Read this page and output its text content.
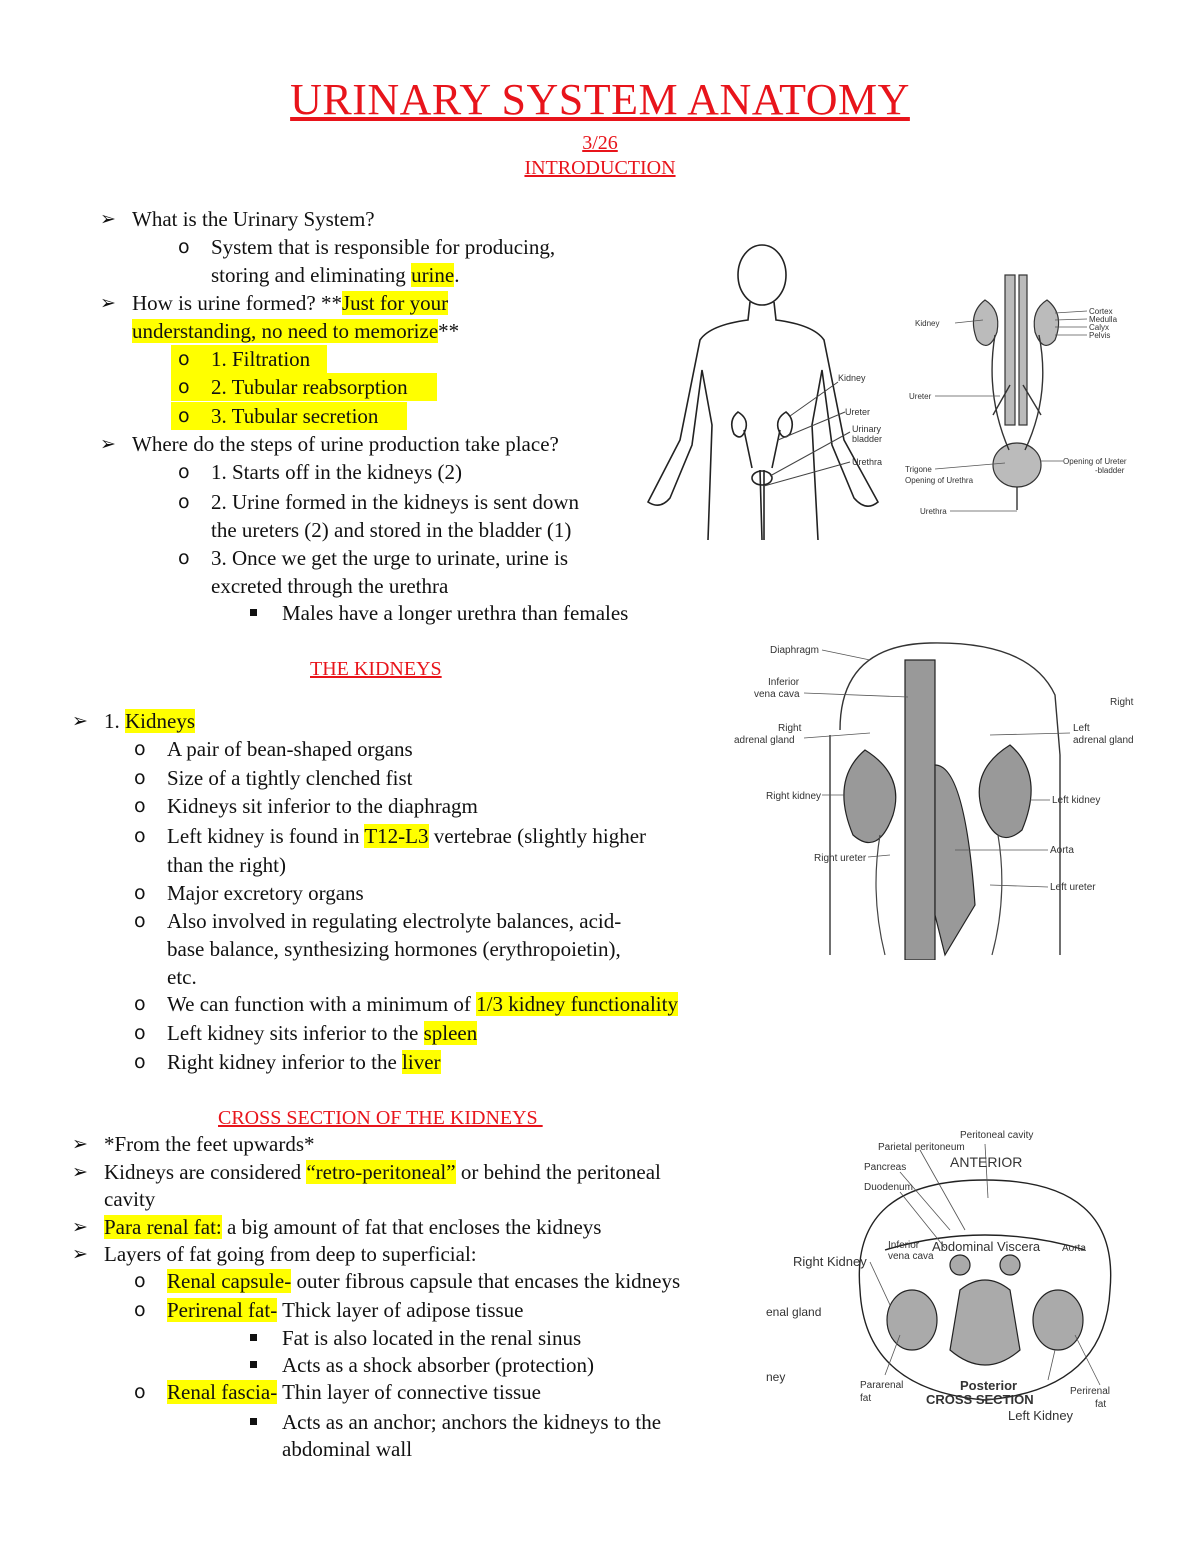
URINARY SYSTEM ANATOMY
3/26
INTRODUCTION
➢ What is the Urinary System?
o System that is responsible for producing,
storing and eliminating urine.
➢ How is urine formed? **Just for your
understanding, no need to memorize**
o 1. Filtration
o 2. Tubular reabsorption
o 3. Tubular secretion
➢ Where do the steps of urine production take place?
o 1. Starts off in the kidneys (2)
o 2. Urine formed in the kidneys is sent down
the ureters (2) and stored in the bladder (1)
o 3. Once we get the urge to urinate, urine is
excreted through the urethra
Males have a longer urethra than females
THE KIDNEYS
➢ 1. Kidneys
o A pair of bean-shaped organs
o Size of a tightly clenched fist
o Kidneys sit inferior to the diaphragm
o Left kidney is found in T12-L3 vertebrae (slightly higher
than the right)
o Major excretory organs
o Also involved in regulating electrolyte balances, acid-
base balance, synthesizing hormones (erythropoietin),
etc.
o We can function with a minimum of 1/3 kidney functionality
o Left kidney sits inferior to the spleen
o Right kidney inferior to the liver
CROSS SECTION OF THE KIDNEYS
➢ *From the feet upwards*
➢ Kidneys are considered “retro-peritoneal” or behind the peritoneal
cavity
➢ Para renal fat: a big amount of fat that encloses the kidneys
➢ Layers of fat going from deep to superficial:
o Renal capsule- outer fibrous capsule that encases the kidneys
o Perirenal fat- Thick layer of adipose tissue
Fat is also located in the renal sinus
Acts as a shock absorber (protection)
o Renal fascia- Thin layer of connective tissue
Acts as an anchor; anchors the kidneys to the
abdominal wall
Kidney
Ureter
Urinary
bladder
Urethra
Kidney
Cortex
Medulla
Calyx
Pelvis
Ureter
Trigone
Opening of Urethra
Opening of Ureter
-bladder
Urethra
Diaphragm
Inferior
vena cava
Right
adrenal gland
Right kidney
Right ureter
Right
Left
adrenal gland
Left kidney
Aorta
Left ureter
Peritoneal cavity
Parietal peritoneum
ANTERIOR
Pancreas
Duodenum
Right Kidney
Inferior
vena cava
Abdominal Viscera Aorta
enal gland
ney
Pararenal
fat
Posterior
CROSS SECTION
Left Kidney
Perirenal
fat
